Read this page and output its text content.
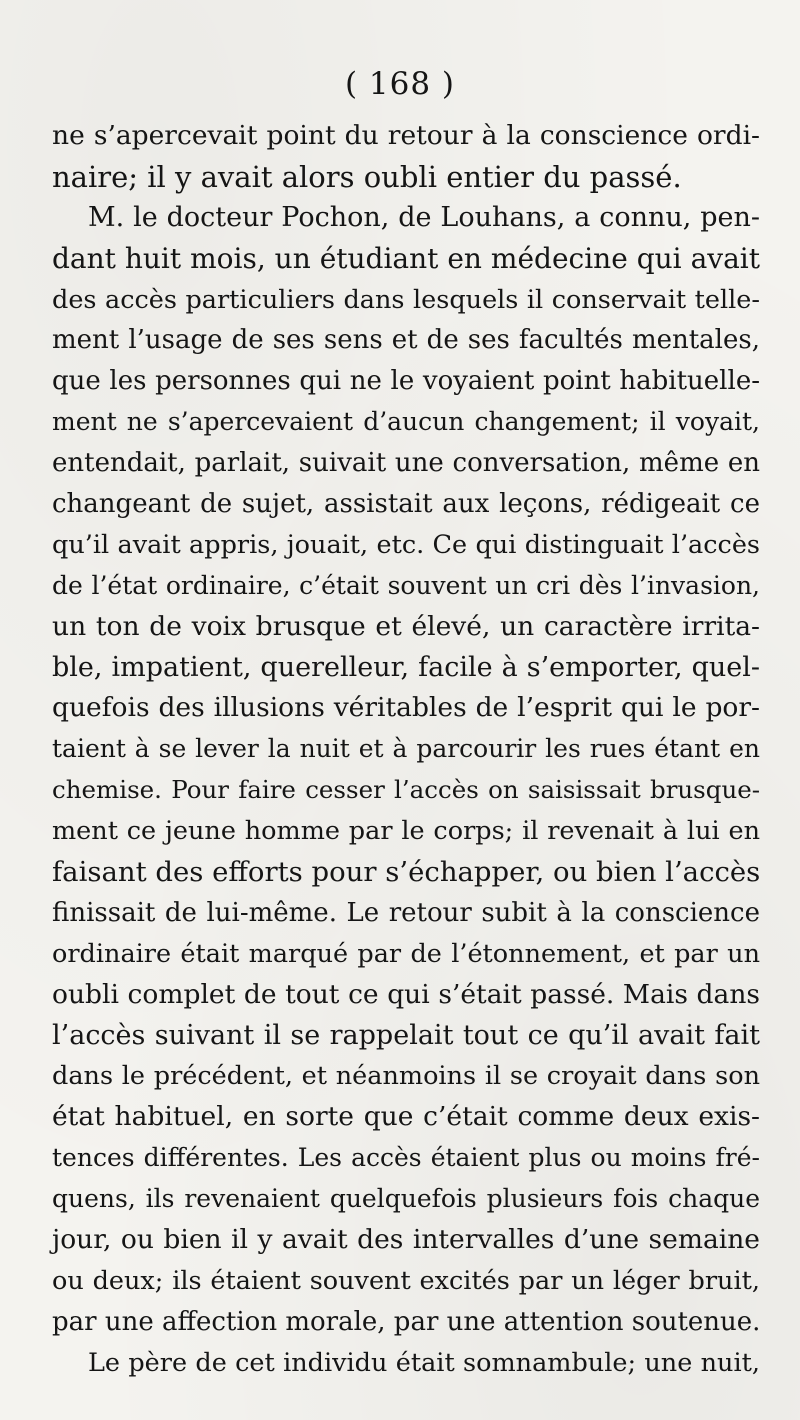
( 168 )
ne s’apercevait point du retour à la conscience ordi-
naire; il y avait alors oubli entier du passé.
M. le docteur Pochon, de Louhans, a connu, pen-
dant huit mois, un étudiant en médecine qui avait
des accès particuliers dans lesquels il conservait telle-
ment l’usage de ses sens et de ses facultés mentales,
que les personnes qui ne le voyaient point habituelle-
ment ne s’apercevaient d’aucun changement; il voyait,
entendait, parlait, suivait une conversation, même en
changeant de sujet, assistait aux leçons, rédigeait ce
qu’il avait appris, jouait, etc. Ce qui distinguait l’accès
de l’état ordinaire, c’était souvent un cri dès l’invasion,
un ton de voix brusque et élevé, un caractère irrita-
ble, impatient, querelleur, facile à s’emporter, quel-
quefois des illusions véritables de l’esprit qui le por-
taient à se lever la nuit et à parcourir les rues étant en
chemise. Pour faire cesser l’accès on saisissait brusque-
ment ce jeune homme par le corps; il revenait à lui en
faisant des efforts pour s’échapper, ou bien l’accès
finissait de lui-même. Le retour subit à la conscience
ordinaire était marqué par de l’étonnement, et par un
oubli complet de tout ce qui s’était passé. Mais dans
l’accès suivant il se rappelait tout ce qu’il avait fait
dans le précédent, et néanmoins il se croyait dans son
état habituel, en sorte que c’était comme deux exis-
tences différentes. Les accès étaient plus ou moins fré-
quens, ils revenaient quelquefois plusieurs fois chaque
jour, ou bien il y avait des intervalles d’une semaine
ou deux; ils étaient souvent excités par un léger bruit,
par une affection morale, par une attention soutenue.
Le père de cet individu était somnambule; une nuit,
